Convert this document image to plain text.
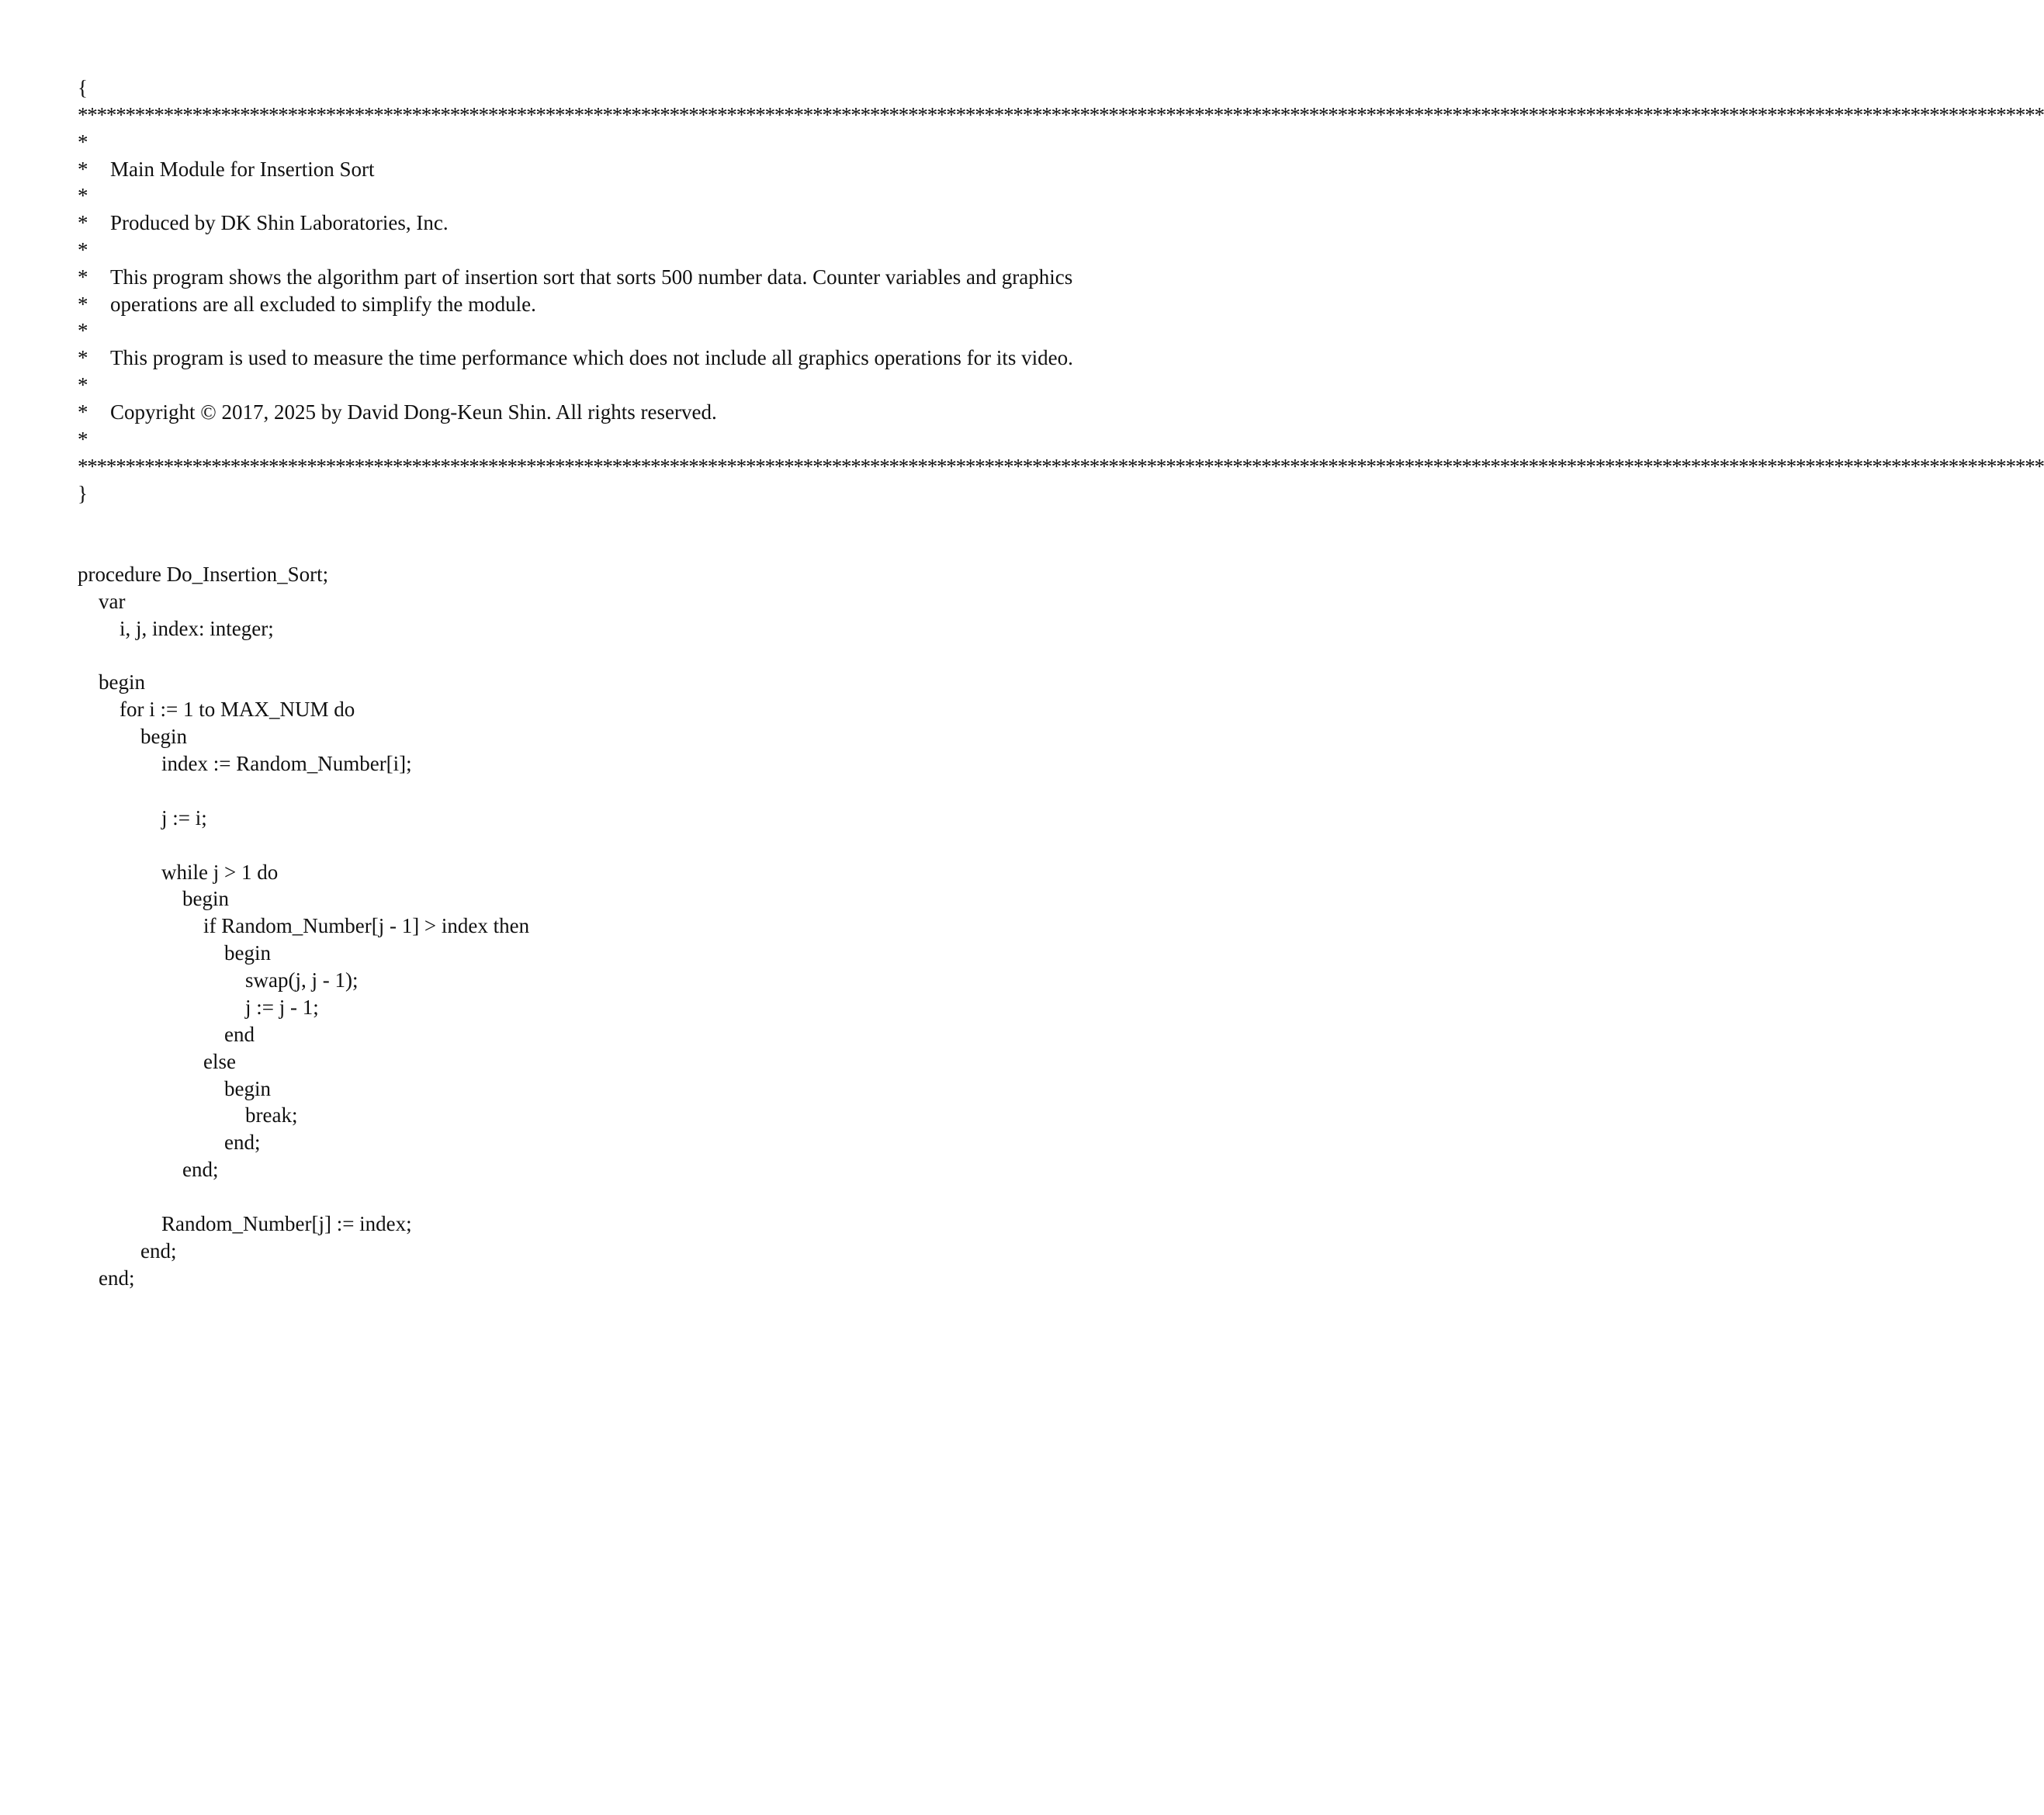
{
**************************************************************************************************************************************************************************************************************
*
* Main Module for Insertion Sort
*
* Produced by DK Shin Laboratories, Inc.
*
* This program shows the algorithm part of insertion sort that sorts 500 number data. Counter variables and graphics
* operations are all excluded to simplify the module.
*
* This program is used to measure the time performance which does not include all graphics operations for its video.
*
* Copyright © 2017, 2025 by David Dong-Keun Shin. All rights reserved.
*
**************************************************************************************************************************************************************************************************************
}
procedure Do_Insertion_Sort;
var
i, j, index: integer;
begin
for i := 1 to MAX_NUM do
begin
index := Random_Number[i];
j := i;
while j > 1 do
begin
if Random_Number[j - 1] > index then
begin
swap(j, j - 1);
j := j - 1;
end
else
begin
break;
end;
end;
Random_Number[j] := index;
end;
end;
